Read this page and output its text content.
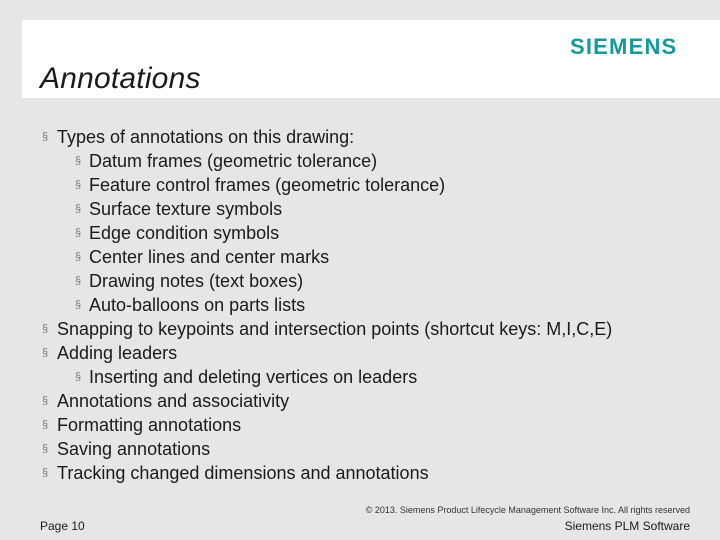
Annotations
SIEMENS
§ Types of annotations on this drawing:
§ Datum frames (geometric tolerance)
§ Feature control frames (geometric tolerance)
§ Surface texture symbols
§ Edge condition symbols
§ Center lines and center marks
§ Drawing notes (text boxes)
§ Auto-balloons on parts lists
§ Snapping to keypoints and intersection points (shortcut keys: M,I,C,E)
§ Adding leaders
§ Inserting and deleting vertices on leaders
§ Annotations and associativity
§ Formatting annotations
§ Saving annotations
§ Tracking changed dimensions and annotations
© 2013. Siemens Product Lifecycle Management Software Inc. All rights reserved
Page 10	Siemens PLM Software
